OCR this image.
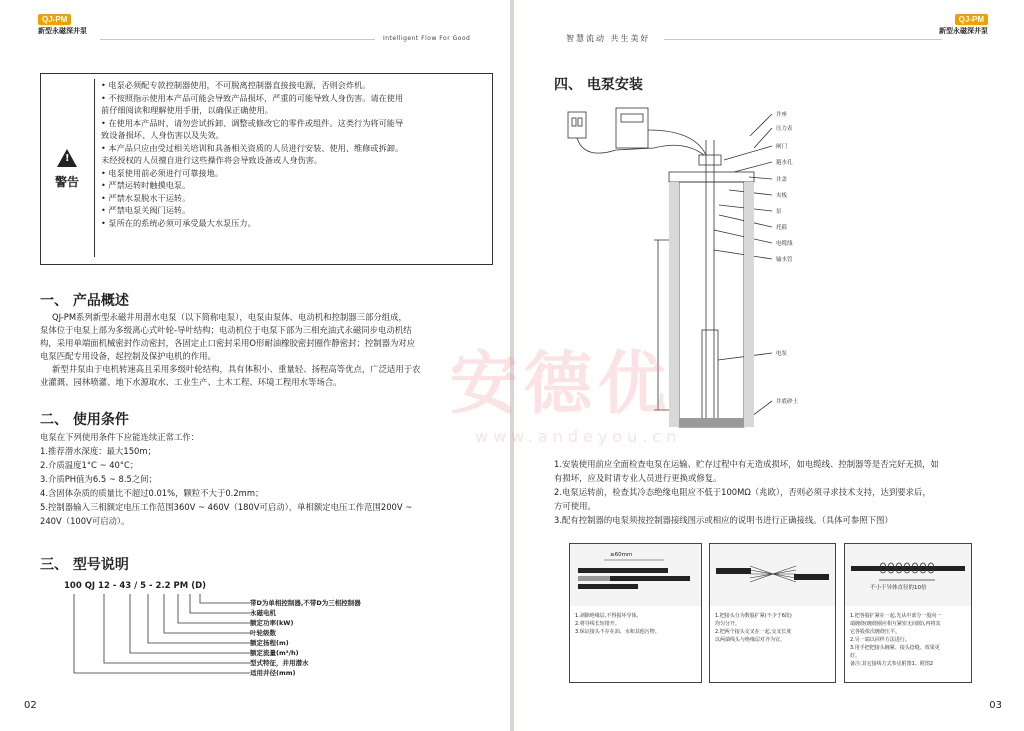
QJ-PM
新型永磁深井泵
Intelligent Flow For Good
!
警告
• 电泵必须配专款控制器使用，不可脱离控制器直接接电源，否则会炸机。
• 不按照指示使用本产品可能会导致产品损坏，严重的可能导致人身伤害。请在使用
前仔细阅读和理解使用手册，以确保正确使用。
• 在使用本产品时，请勿尝试拆卸、调整或修改它的零件或组件。这类行为将可能导
致设备损坏、人身伤害以及失效。
• 本产品只应由受过相关培训和具备相关资质的人员进行安装、使用、维修或拆卸。
未经授权的人员擅自进行这些操作将会导致设备或人身伤害。
• 电泵使用前必须进行可靠接地。
• 严禁运转时触摸电泵。
• 严禁水泵脱水干运转。
• 严禁电泵关阀门运转。
• 泵所在的系统必须可承受最大水泵压力。
一、 产品概述
QJ-PM系列新型永磁井用潜水电泵（以下简称电泵），电泵由泵体、电动机和控制器三部分组成，
泵体位于电泵上部为多级离心式叶轮-导叶结构；电动机位于电泵下部为三相充油式永磁同步电动机结
构，采用单端面机械密封作动密封，各固定止口密封采用O形耐油橡胶密封圈作静密封；控制器为对应
电泵匹配专用设备，起控制及保护电机的作用。
新型井泵由于电机转速高且采用多级叶轮结构，具有体积小、重量轻、扬程高等优点，广泛适用于农
业灌溉、园林喷灌、地下水源取水、工业生产、土木工程、环境工程用水等场合。
二、 使用条件
电泵在下列使用条件下应能连续正常工作：
1.推荐潜水深度：最大150m；
2.介质温度1°C ~ 40°C；
3.介质PH值为6.5 ~ 8.5之间；
4.含固体杂质的质量比不超过0.01%，颗粒不大于0.2mm；
5.控制器输入三相额定电压工作范围360V ~ 460V（180V可启动），单相额定电压工作范围200V ~
240V（100V可启动）。
三、 型号说明
100 QJ 12 - 43 / 5 - 2.2 PM (D)
带D为单相控制器,不带D为三相控制器
永磁电机
额定功率(kW)
叶轮级数
额定扬程(m)
额定流量(m³/h)
型式特征，井用潜水
适用井径(mm)
02
智慧流动 共生美好
QJ-PM
新型永磁深井泵
四、 电泵安装
井座
压力表
闸门
避水孔
井盖
夹板
泵
托箍
电缆线
输水管
电泵
井底砂土
1.安装使用前应全面检查电泵在运输、贮存过程中有无造成损坏，如电缆线、控制器等是否完好无损，如
有损坏，应及时请专业人员进行更换或修复。
2.电泵运转前，检查其冷态绝缘电阻应不低于100MΩ（兆欧），否则必须寻求技术支持，达到要求后，
方可使用。
3.配有控制器的电泵须按控制器接线图示或相应的说明书进行正确接线。（具体可参照下图）
≥60mm
1.剥除绝缘层,不得损坏导体。
2.将导线长短错开。
3.保证接头不存在油、水和其他污物。
1.把接头分为数股扩紧(不少于6段)
均匀分开。
2.把两个接头交叉在一起,交叉长度
以两端线头与绝缘层对齐为宜。
不小于导体直径的10倍
1.把各股扩紧在一起,先从中部分一股向一
端缠绕(缠绕圈应相互紧密无间隙),再将其
它各股依次缠绕压平。
2.另一端以同样方法进行。
3.用手把把接头缠紧、接头捻缝、效果更
好。
备注:其它接线方式参见附图1、附图2
03
安德优
www.andeyou.cn
